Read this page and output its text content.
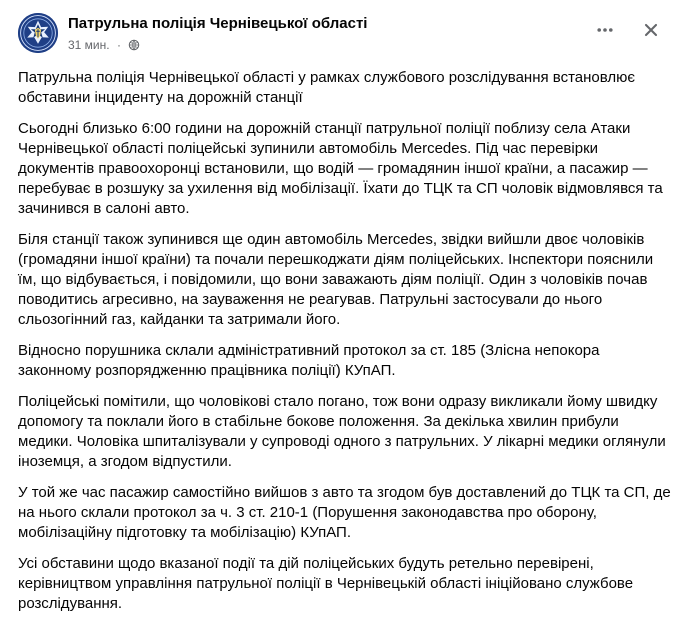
Патрульна поліція Чернівецької області
31 мин. ·
Патрульна поліція Чернівецької області у рамках службового розслідування встановлює
обставини інциденту на дорожній станції
Сьогодні близько 6:00 години на дорожній станції патрульної поліції поблизу села Атаки
Чернівецької області поліцейські зупинили автомобіль Mercedes. Під час перевірки
документів правоохоронці встановили, що водій — громадянин іншої країни, а пасажир —
перебуває в розшуку за ухилення від мобілізації. Їхати до ТЦК та СП чоловік відмовлявся та
зачинився в салоні авто.
Біля станції також зупинився ще один автомобіль Mercedes, звідки вийшли двоє чоловіків
(громадяни іншої країни) та почали перешкоджати діям поліцейських. Інспектори пояснили
їм, що відбувається, і повідомили, що вони заважають діям поліції. Один з чоловіків почав
поводитись агресивно, на зауваження не реагував. Патрульні застосували до нього
сльозогінний газ, кайданки та затримали його.
Відносно порушника склали адміністративний протокол за ст. 185 (Злісна непокора
законному розпорядженню працівника поліції) КУпАП.
Поліцейські помітили, що чоловікові стало погано, тож вони одразу викликали йому швидку
допомогу та поклали його в стабільне бокове положення. За декілька хвилин прибули
медики. Чоловіка шпиталізували у супроводі одного з патрульних. У лікарні медики оглянули
іноземця, а згодом відпустили.
У той же час пасажир самостійно вийшов з авто та згодом був доставлений до ТЦК та СП, де
на нього склали протокол за ч. 3 ст. 210-1 (Порушення законодавства про оборону,
мобілізаційну підготовку та мобілізацію) КУпАП.
Усі обставини щодо вказаної події та дій поліцейських будуть ретельно перевірені,
керівництвом управління патрульної поліції в Чернівецькій області ініційовано службове
розслідування.
